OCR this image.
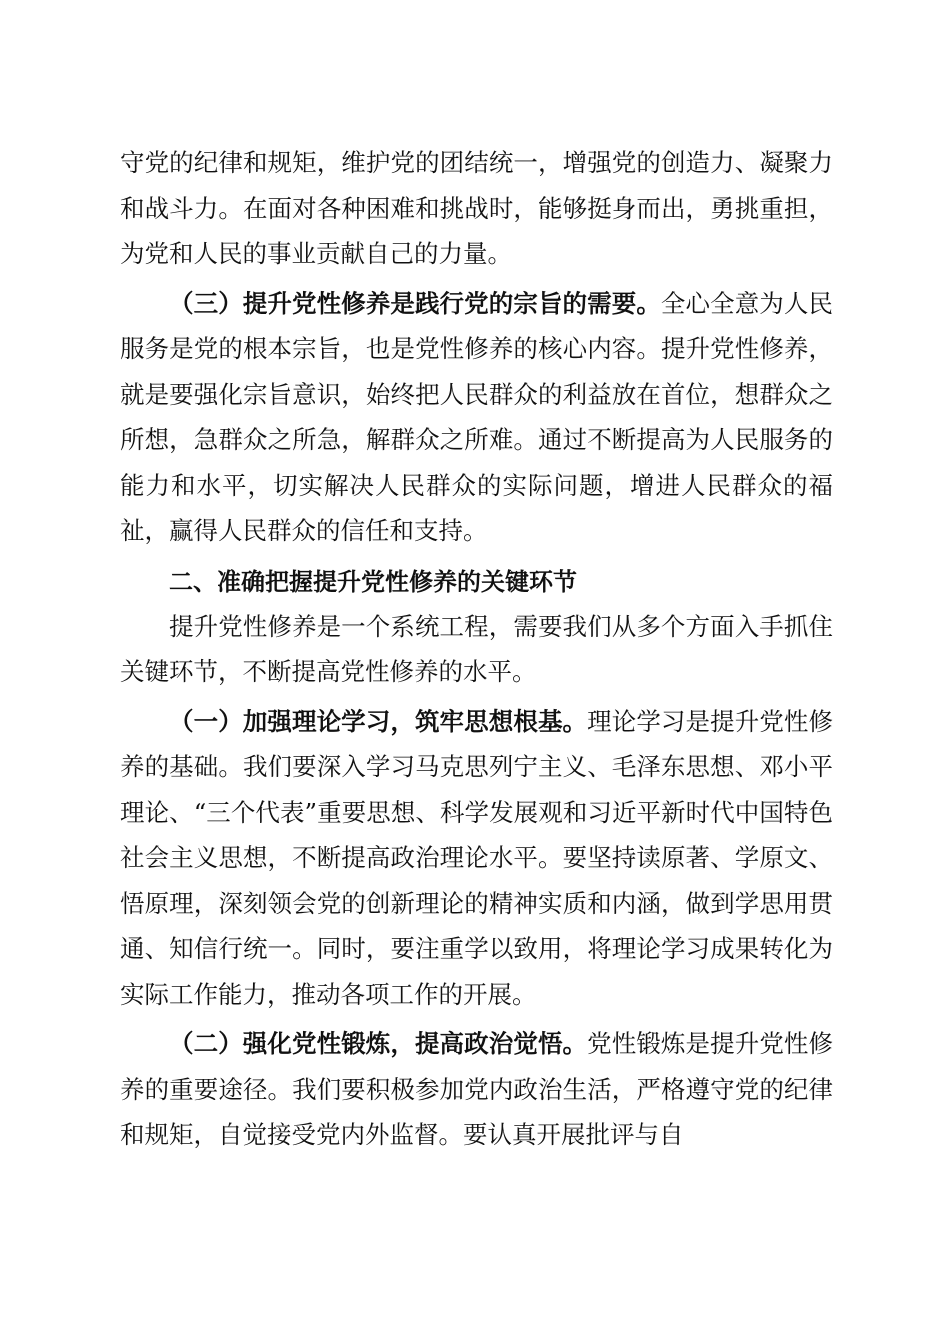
守党的纪律和规矩，维护党的团结统一，增强党的创造力、凝聚力和战斗力。在面对各种困难和挑战时，能够挺身而出，勇挑重担，为党和人民的事业贡献自己的力量。

（三）提升党性修养是践行党的宗旨的需要。全心全意为人民服务是党的根本宗旨，也是党性修养的核心内容。提升党性修养，就是要强化宗旨意识，始终把人民群众的利益放在首位，想群众之所想，急群众之所急，解群众之所难。通过不断提高为人民服务的能力和水平，切实解决人民群众的实际问题，增进人民群众的福祉，赢得人民群众的信任和支持。

二、准确把握提升党性修养的关键环节

提升党性修养是一个系统工程，需要我们从多个方面入手抓住关键环节，不断提高党性修养的水平。

（一）加强理论学习，筑牢思想根基。理论学习是提升党性修养的基础。我们要深入学习马克思列宁主义、毛泽东思想、邓小平理论、“三个代表”重要思想、科学发展观和习近平新时代中国特色社会主义思想，不断提高政治理论水平。要坚持读原著、学原文、悟原理，深刻领会党的创新理论的精神实质和内涵，做到学思用贯通、知信行统一。同时，要注重学以致用，将理论学习成果转化为实际工作能力，推动各项工作的开展。

（二）强化党性锻炼，提高政治觉悟。党性锻炼是提升党性修养的重要途径。我们要积极参加党内政治生活，严格遵守党的纪律和规矩，自觉接受党内外监督。要认真开展批评与自
